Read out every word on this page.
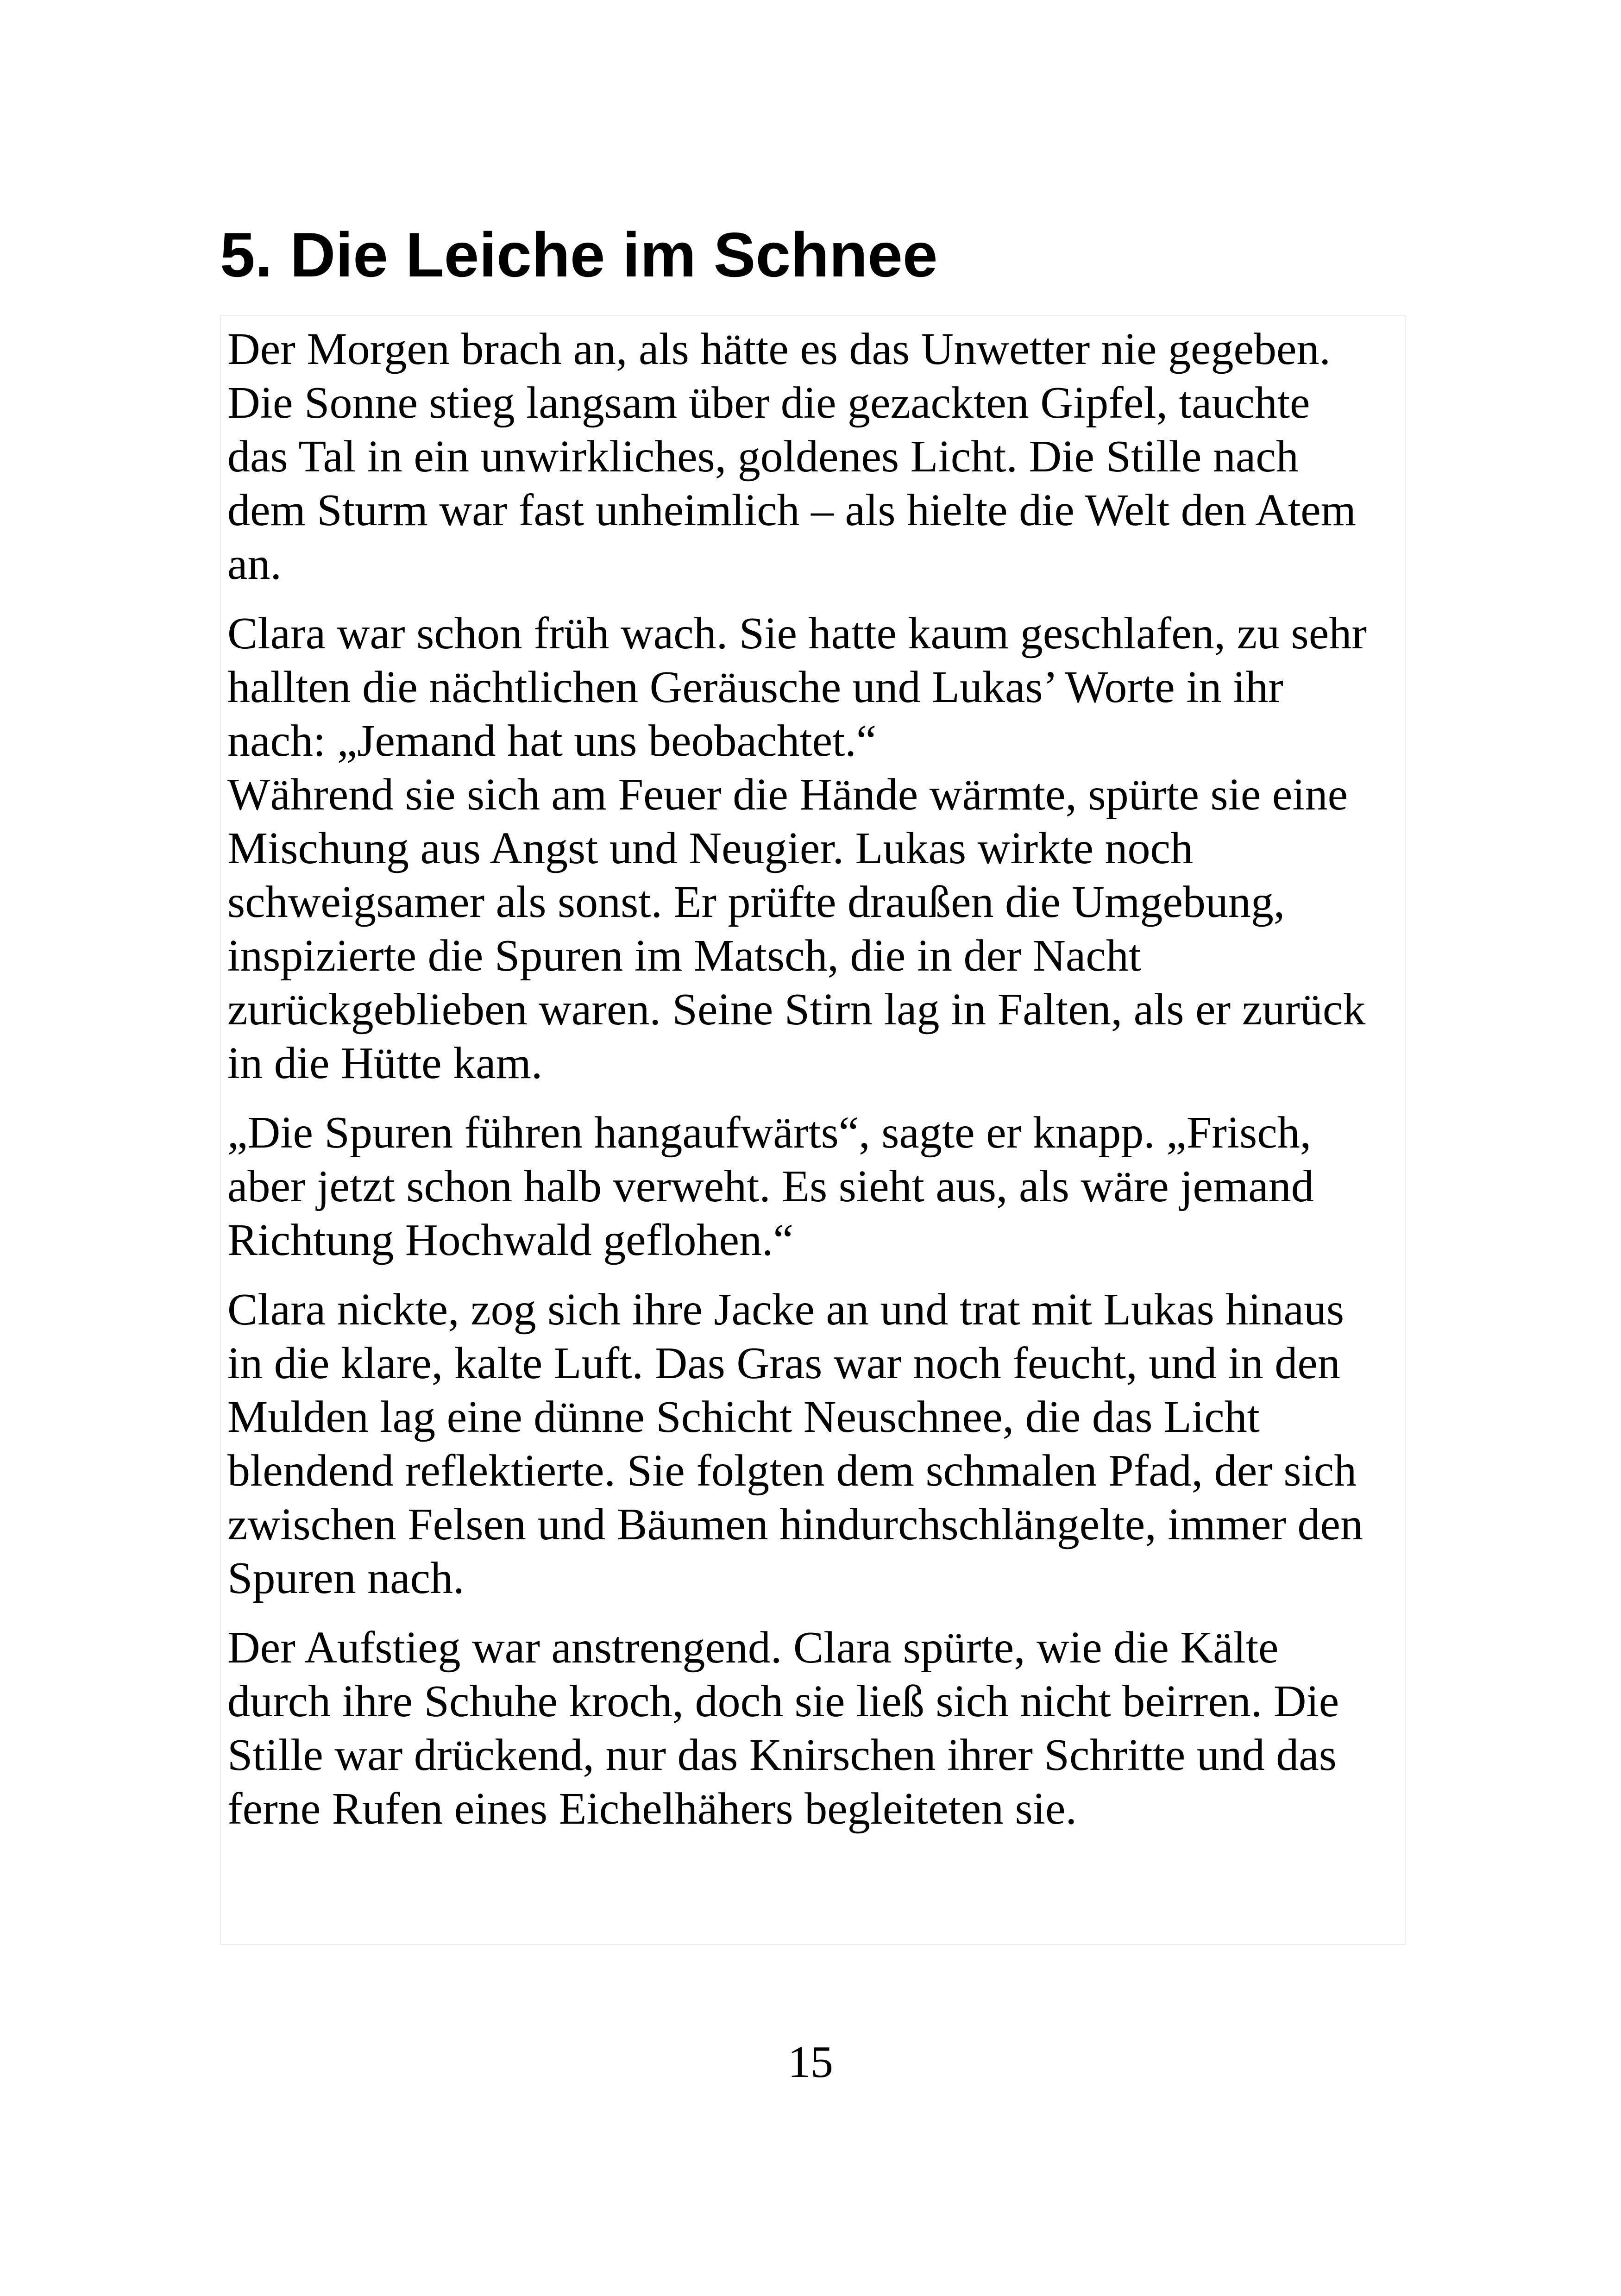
5. Die Leiche im Schnee

Der Morgen brach an, als hätte es das Unwetter nie gegeben.
Die Sonne stieg langsam über die gezackten Gipfel, tauchte
das Tal in ein unwirkliches, goldenes Licht. Die Stille nach
dem Sturm war fast unheimlich – als hielte die Welt den Atem
an.

Clara war schon früh wach. Sie hatte kaum geschlafen, zu sehr
hallten die nächtlichen Geräusche und Lukas’ Worte in ihr
nach: „Jemand hat uns beobachtet.“
Während sie sich am Feuer die Hände wärmte, spürte sie eine
Mischung aus Angst und Neugier. Lukas wirkte noch
schweigsamer als sonst. Er prüfte draußen die Umgebung,
inspizierte die Spuren im Matsch, die in der Nacht
zurückgeblieben waren. Seine Stirn lag in Falten, als er zurück
in die Hütte kam.

„Die Spuren führen hangaufwärts“, sagte er knapp. „Frisch,
aber jetzt schon halb verweht. Es sieht aus, als wäre jemand
Richtung Hochwald geflohen.“

Clara nickte, zog sich ihre Jacke an und trat mit Lukas hinaus
in die klare, kalte Luft. Das Gras war noch feucht, und in den
Mulden lag eine dünne Schicht Neuschnee, die das Licht
blendend reflektierte. Sie folgten dem schmalen Pfad, der sich
zwischen Felsen und Bäumen hindurchschlängelte, immer den
Spuren nach.

Der Aufstieg war anstrengend. Clara spürte, wie die Kälte
durch ihre Schuhe kroch, doch sie ließ sich nicht beirren. Die
Stille war drückend, nur das Knirschen ihrer Schritte und das
ferne Rufen eines Eichelhähers begleiteten sie.

15
